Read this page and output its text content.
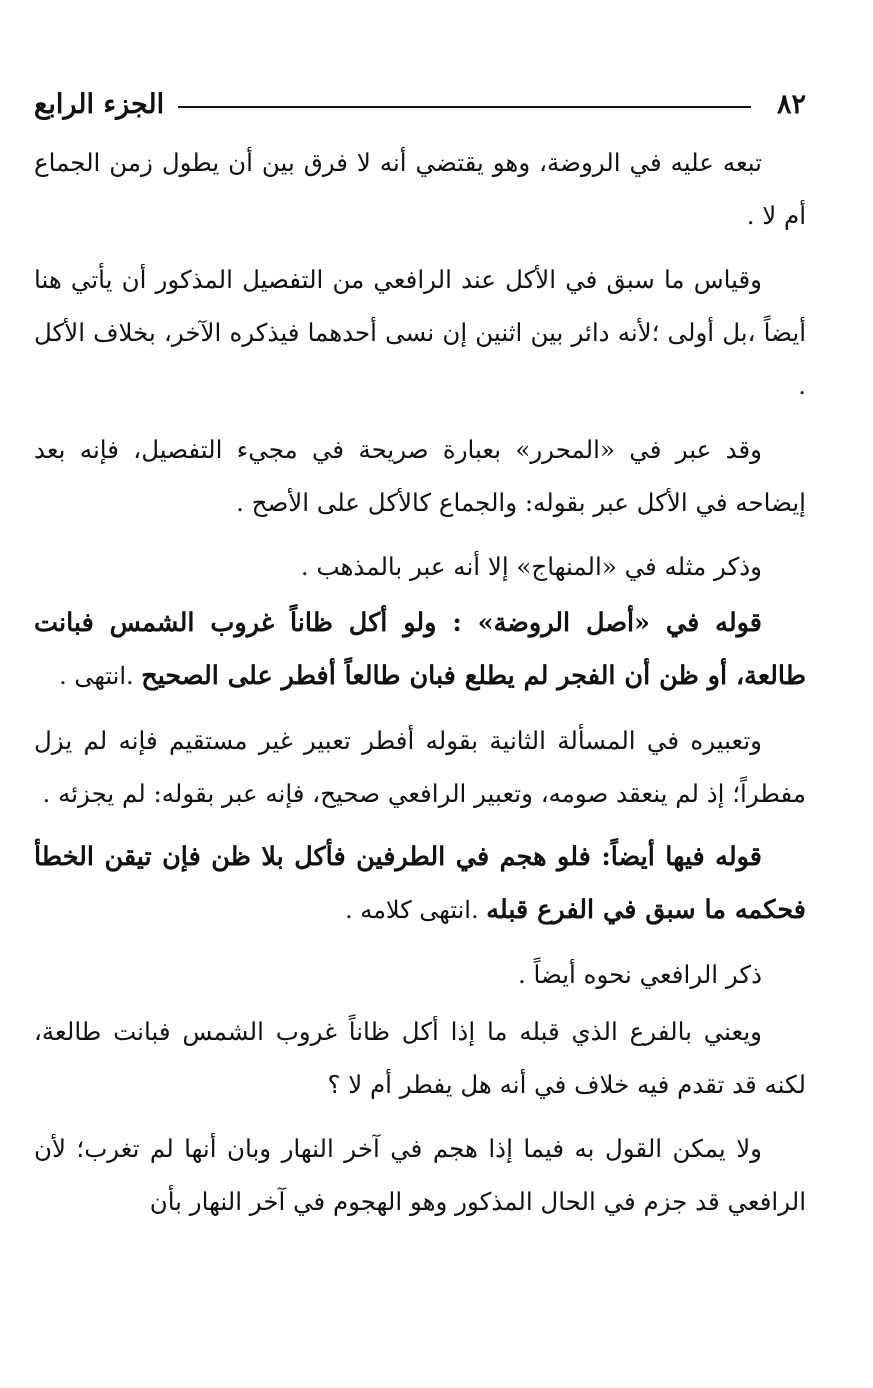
٨٢
الجزء الرابع

تبعه عليه في الروضة، وهو يقتضي أنه لا فرق بين أن يطول زمن الجماع أم لا .

وقياس ما سبق في الأكل عند الرافعي من التفصيل المذكور أن يأتي هنا أيضاً ،بل أولى ؛لأنه دائر بين اثنين إن نسى أحدهما فيذكره الآخر، بخلاف الأكل .

وقد عبر في «المحرر» بعبارة صريحة في مجيء التفصيل، فإنه بعد إيضاحه في الأكل عبر بقوله: والجماع كالأكل على الأصح .

وذكر مثله في «المنهاج» إلا أنه عبر بالمذهب .

قوله في «أصل الروضة» : ولو أكل ظاناً غروب الشمس فبانت طالعة، أو ظن أن الفجر لم يطلع فبان طالعاً أفطر على الصحيح .انتهى .

وتعبيره في المسألة الثانية بقوله أفطر تعبير غير مستقيم فإنه لم يزل مفطراً؛ إذ لم ينعقد صومه، وتعبير الرافعي صحيح، فإنه عبر بقوله: لم يجزئه .

قوله فيها أيضاً: فلو هجم في الطرفين فأكل بلا ظن فإن تيقن الخطأ فحكمه ما سبق في الفرع قبله .انتهى كلامه .

ذكر الرافعي نحوه أيضاً .

ويعني بالفرع الذي قبله ما إذا أكل ظاناً غروب الشمس فبانت طالعة، لكنه قد تقدم فيه خلاف في أنه هل يفطر أم لا ؟

ولا يمكن القول به فيما إذا هجم في آخر النهار وبان أنها لم تغرب؛ لأن الرافعي قد جزم في الحال المذكور وهو الهجوم في آخر النهار بأن
